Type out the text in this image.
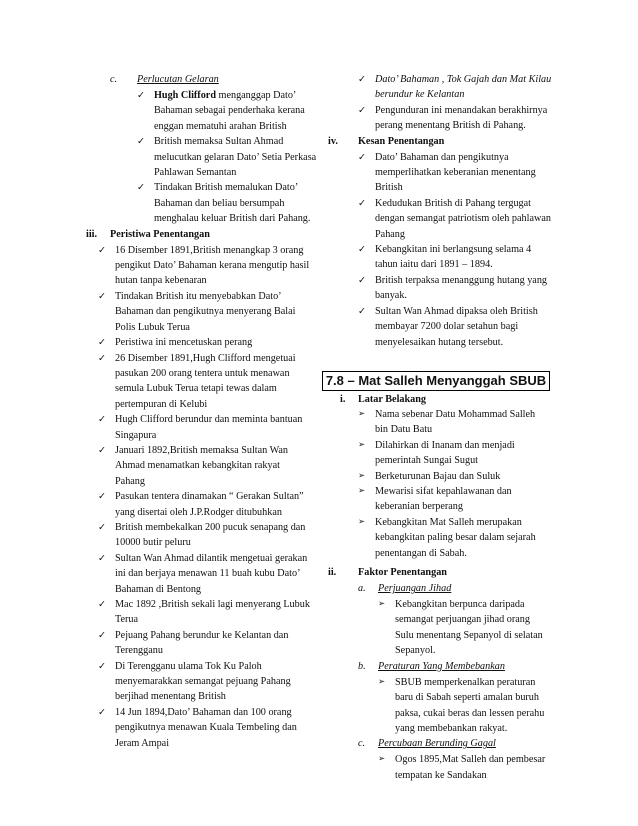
c. Perlucutan Gelaran
✓ Hugh Clifford menganggap Dato’ Bahaman sebagai penderhaka kerana enggan mematuhi arahan British
✓ British memaksa Sultan Ahmad melucutkan gelaran Dato’ Setia Perkasa Pahlawan Semantan
✓ Tindakan British memalukan Dato’ Bahaman dan beliau bersumpah menghalau keluar British dari Pahang.
iii. Peristiwa Penentangan
✓ 16 Disember 1891,British menangkap 3 orang pengikut Dato’ Bahaman kerana mengutip hasil hutan tanpa kebenaran
✓ Tindakan British itu menyebabkan Dato’ Bahaman dan pengikutnya menyerang Balai Polis Lubuk Terua
✓ Peristiwa ini mencetuskan perang
✓ 26 Disember 1891,Hugh Clifford mengetuai pasukan 200 orang tentera untuk menawan semula Lubuk Terua tetapi tewas dalam pertempuran di Kelubi
✓ Hugh Clifford berundur dan meminta bantuan Singapura
✓ Januari 1892,British memaksa Sultan Wan Ahmad menamatkan kebangkitan rakyat Pahang
✓ Pasukan tentera dinamakan “ Gerakan Sultan” yang disertai oleh J.P.Rodger ditubuhkan
✓ British membekalkan 200 pucuk senapang dan 10000 butir peluru
✓ Sultan Wan Ahmad dilantik mengetuai gerakan ini dan berjaya menawan 11 buah kubu Dato’ Bahaman di Bentong
✓ Mac 1892 ,British sekali lagi menyerang Lubuk Terua
✓ Pejuang Pahang berundur ke Kelantan dan Terengganu
✓ Di Terengganu ulama Tok Ku Paloh menyemarakkan semangat pejuang Pahang berjihad menentang British
✓ 14 Jun 1894,Dato’ Bahaman dan 100 orang pengikutnya menawan Kuala Tembeling dan Jeram Ampai
✓ Dato’ Bahaman , Tok Gajah dan Mat Kilau berundur ke Kelantan
✓ Pengunduran ini menandakan berakhirnya perang menentang British di Pahang.
iv. Kesan Penentangan
✓ Dato’ Bahaman dan pengikutnya memperlihatkan keberanian menentang British
✓ Kedudukan British di Pahang tergugat dengan semangat patriotism oleh pahlawan Pahang
✓ Kebangkitan ini berlangsung selama 4 tahun iaitu dari 1891 – 1894.
✓ British terpaksa menanggung hutang yang banyak.
✓ Sultan Wan Ahmad dipaksa oleh British membayar 7200 dolar setahun bagi menyelesaikan hutang tersebut.
7.8 – Mat Salleh Menyanggah SBUB
i. Latar Belakang
➢ Nama sebenar Datu Mohammad Salleh bin Datu Batu
➢ Dilahirkan di Inanam dan menjadi pemerintah Sungai Sugut
➢ Berketurunan Bajau dan Suluk
➢ Mewarisi sifat kepahlawanan dan keberanian berperang
➢ Kebangkitan Mat Salleh merupakan kebangkitan paling besar dalam sejarah penentangan di Sabah.
ii. Faktor Penentangan
a. Perjuangan Jihad
➢ Kebangkitan berpunca daripada semangat perjuangan jihad orang Sulu menentang Sepanyol di selatan Sepanyol.
b. Peraturan Yang Membebankan
➢ SBUB memperkenalkan peraturan baru di Sabah seperti amalan buruh paksa, cukai beras dan lessen perahu yang membebankan rakyat.
c. Percubaan Berunding Gagal
➢ Ogos 1895,Mat Salleh dan pembesar tempatan ke Sandakan
